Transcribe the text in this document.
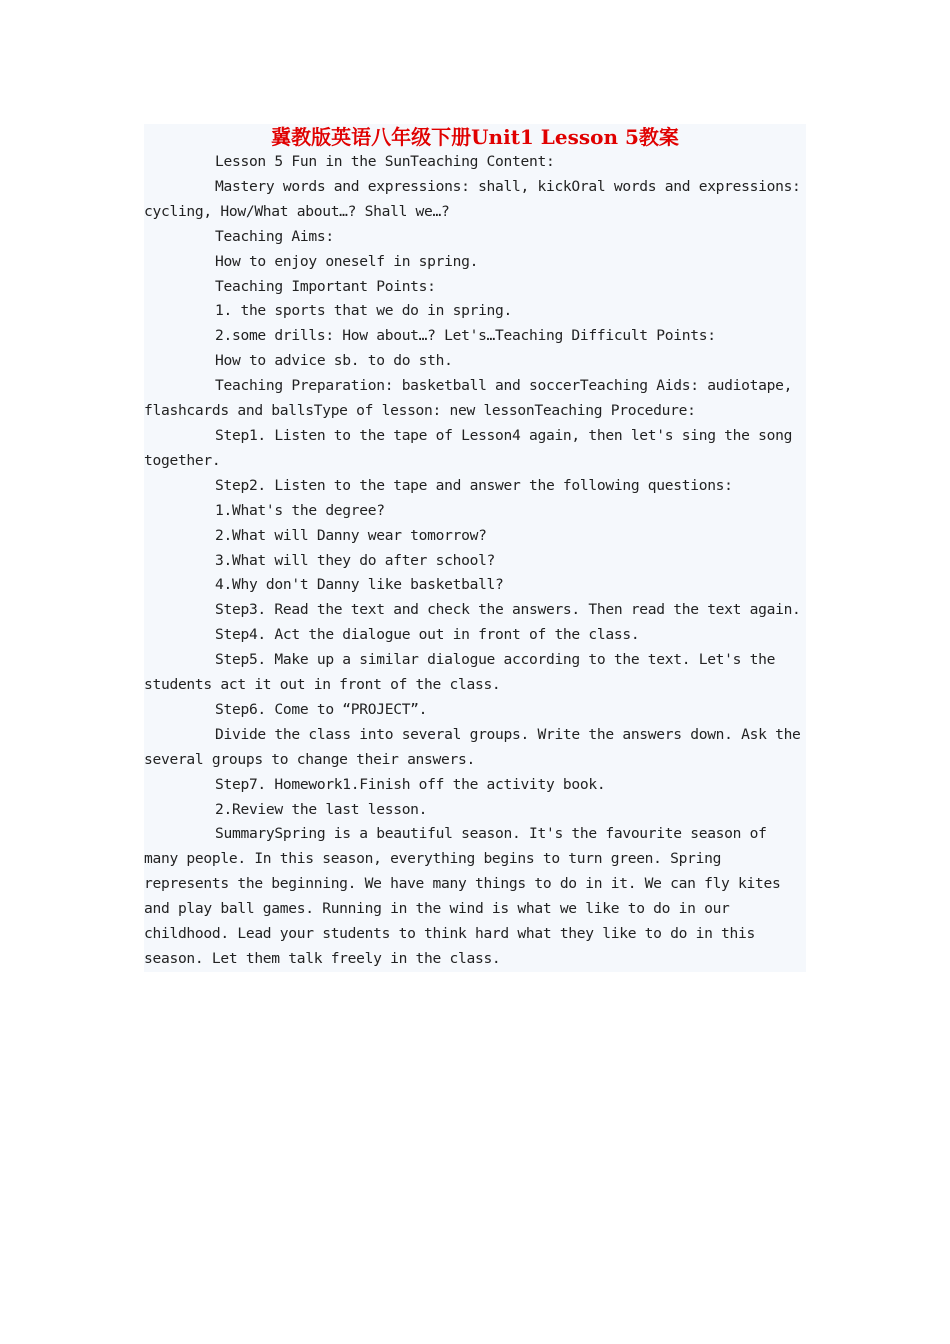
冀教版英语八年级下册Unit1 Lesson 5教案

Lesson 5 Fun in the SunTeaching Content:

Mastery words and expressions: shall, kickOral words and expressions: cycling, How/What about…? Shall we…?

Teaching Aims:

How to enjoy oneself in spring.

Teaching Important Points:

1. the sports that we do in spring.

2.some drills: How about…? Let's…Teaching Difficult Points:

How to advice sb. to do sth.

Teaching Preparation: basketball and soccerTeaching Aids: audiotape, flashcards and ballsType of lesson: new lessonTeaching Procedure:

Step1. Listen to the tape of Lesson4 again, then let's sing the song together.

Step2. Listen to the tape and answer the following questions:

1.What's the degree?

2.What will Danny wear tomorrow?

3.What will they do after school?

4.Why don't Danny like basketball?

Step3. Read the text and check the answers. Then read the text again.

Step4. Act the dialogue out in front of the class.

Step5. Make up a similar dialogue according to the text. Let's the students act it out in front of the class.

Step6. Come to “PROJECT”.

Divide the class into several groups. Write the answers down. Ask the several groups to change their answers.

Step7. Homework1.Finish off the activity book.

2.Review the last lesson.

SummarySpring is a beautiful season. It's the favourite season of many people. In this season, everything begins to turn green. Spring represents the beginning. We have many things to do in it. We can fly kites and play ball games. Running in the wind is what we like to do in our childhood. Lead your students to think hard what they like to do in this season. Let them talk freely in the class.
